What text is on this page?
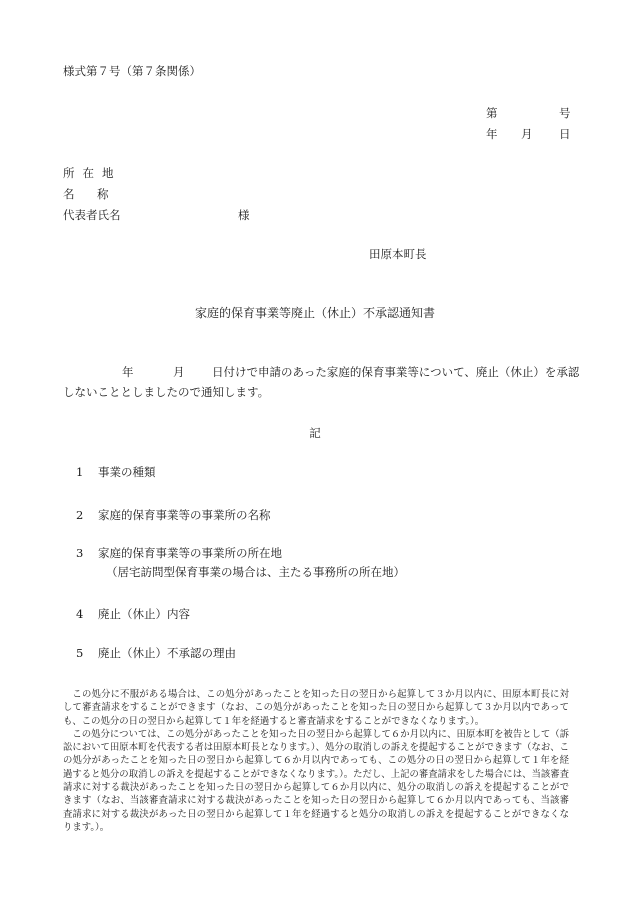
様式第７号（第７条関係）
第	号
年 月 日
所在地
名 称
代表者氏名	様
田原本町長
家庭的保育事業等廃止（休止）不承認通知書
年	月 日付けで申請のあった家庭的保育事業等について、廃止（休止）を承認
しないこととしましたので通知します。
記
1 事業の種類
2 家庭的保育事業等の事業所の名称
3 家庭的保育事業等の事業所の所在地
（居宅訪問型保育事業の場合は、主たる事務所の所在地）
4 廃止（休止）内容
5 廃止（休止）不承認の理由

この処分に不服がある場合は、この処分があったことを知った日の翌日から起算して３か月以内に、田原本町長に対して審査請求をすることができます（なお、この処分があったことを知った日の翌日から起算して３か月以内であっても、この処分の日の翌日から起算して１年を経過すると審査請求をすることができなくなります。）。

この処分については、この処分があったことを知った日の翌日から起算して６か月以内に、田原本町を被告として（訴訟において田原本町を代表する者は田原本町長となります。）、処分の取消しの訴えを提起することができます（なお、この処分があったことを知った日の翌日から起算して６か月以内であっても、この処分の日の翌日から起算して１年を経過すると処分の取消しの訴えを提起することができなくなります。）。ただし、上記の審査請求をした場合には、当該審査請求に対する裁決があったことを知った日の翌日から起算して６か月以内に、処分の取消しの訴えを提起することができます（なお、当該審査請求に対する裁決があったことを知った日の翌日から起算して６か月以内であっても、当該審査請求に対する裁決があった日の翌日から起算して１年を経過すると処分の取消しの訴えを提起することができなくなります。）。
